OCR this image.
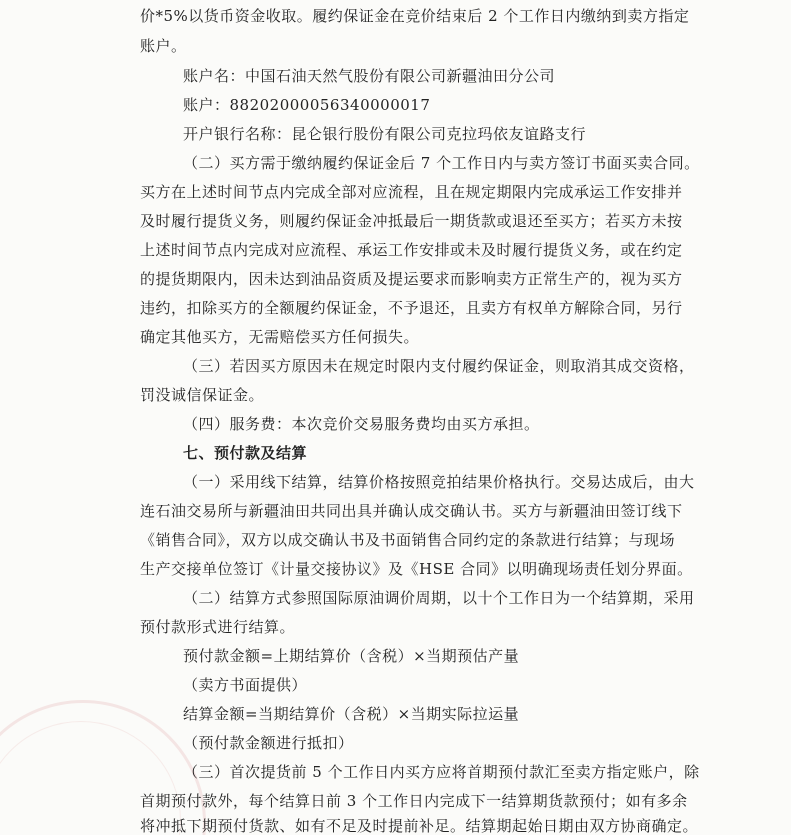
价*5%以货币资金收取。履约保证金在竞价结束后 2 个工作日内缴纳到卖方指定
账户。
账户名：中国石油天然气股份有限公司新疆油田分公司
账户：88202000056340000017
开户银行名称：昆仑银行股份有限公司克拉玛依友谊路支行
（二）买方需于缴纳履约保证金后 7 个工作日内与卖方签订书面买卖合同。
买方在上述时间节点内完成全部对应流程，且在规定期限内完成承运工作安排并
及时履行提货义务，则履约保证金冲抵最后一期货款或退还至买方；若买方未按
上述时间节点内完成对应流程、承运工作安排或未及时履行提货义务，或在约定
的提货期限内，因未达到油品资质及提运要求而影响卖方正常生产的，视为买方
违约，扣除买方的全额履约保证金，不予退还，且卖方有权单方解除合同，另行
确定其他买方，无需赔偿买方任何损失。
（三）若因买方原因未在规定时限内支付履约保证金，则取消其成交资格，
罚没诚信保证金。
（四）服务费：本次竞价交易服务费均由买方承担。
七、预付款及结算
（一）采用线下结算，结算价格按照竞拍结果价格执行。交易达成后，由大
连石油交易所与新疆油田共同出具并确认成交确认书。买方与新疆油田签订线下
《销售合同》，双方以成交确认书及书面销售合同约定的条款进行结算；与现场
生产交接单位签订《计量交接协议》及《HSE 合同》以明确现场责任划分界面。
（二）结算方式参照国际原油调价周期，以十个工作日为一个结算期，采用
预付款形式进行结算。
预付款金额=上期结算价（含税）×当期预估产量
（卖方书面提供）
结算金额=当期结算价（含税）×当期实际拉运量
（预付款金额进行抵扣）
（三）首次提货前 5 个工作日内买方应将首期预付款汇至卖方指定账户，除
首期预付款外，每个结算日前 3 个工作日内完成下一结算期货款预付；如有多余
将冲抵下期预付货款、如有不足及时提前补足。结算期起始日期由双方协商确定。
